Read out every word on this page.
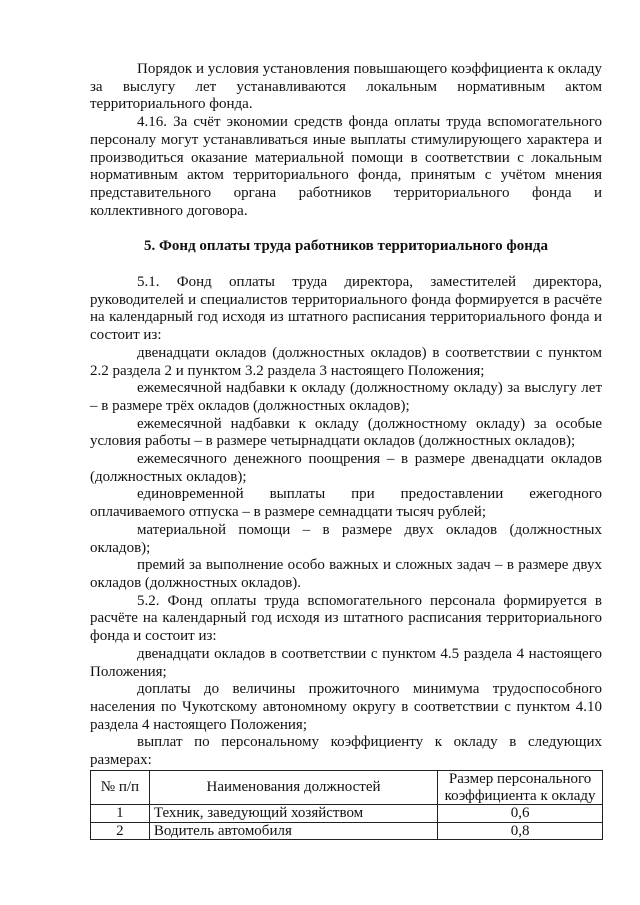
Порядок и условия установления повышающего коэффициента к окладу за выслугу лет устанавливаются локальным нормативным актом территориального фонда.

4.16. За счёт экономии средств фонда оплаты труда вспомогательного персоналу могут устанавливаться иные выплаты стимулирующего характера и производиться оказание материальной помощи в соответствии с локальным нормативным актом территориального фонда, принятым с учётом мнения представительного органа работников территориального фонда и коллективного договора.

5. Фонд оплаты труда работников территориального фонда

5.1. Фонд оплаты труда директора, заместителей директора, руководителей и специалистов территориального фонда формируется в расчёте на календарный год исходя из штатного расписания территориального фонда и состоит из:

двенадцати окладов (должностных окладов) в соответствии с пунктом 2.2 раздела 2 и пунктом 3.2 раздела 3 настоящего Положения;

ежемесячной надбавки к окладу (должностному окладу) за выслугу лет – в размере трёх окладов (должностных окладов);

ежемесячной надбавки к окладу (должностному окладу) за особые условия работы – в размере четырнадцати окладов (должностных окладов);

ежемесячного денежного поощрения – в размере двенадцати окладов (должностных окладов);

единовременной выплаты при предоставлении ежегодного оплачиваемого отпуска – в размере семнадцати тысяч рублей;

материальной помощи – в размере двух окладов (должностных окладов);

премий за выполнение особо важных и сложных задач – в размере двух окладов (должностных окладов).

5.2. Фонд оплаты труда вспомогательного персонала формируется в расчёте на календарный год исходя из штатного расписания территориального фонда и состоит из:

двенадцати окладов в соответствии с пунктом 4.5 раздела 4 настоящего Положения;

доплаты до величины прожиточного минимума трудоспособного населения по Чукотскому автономному округу в соответствии с пунктом 4.10 раздела 4 настоящего Положения;

выплат по персональному коэффициенту к окладу в следующих размерах:

№ п/п	Наименования должностей	Размер персонального коэффициента к окладу
1	Техник, заведующий хозяйством	0,6
2	Водитель автомобиля	0,8
